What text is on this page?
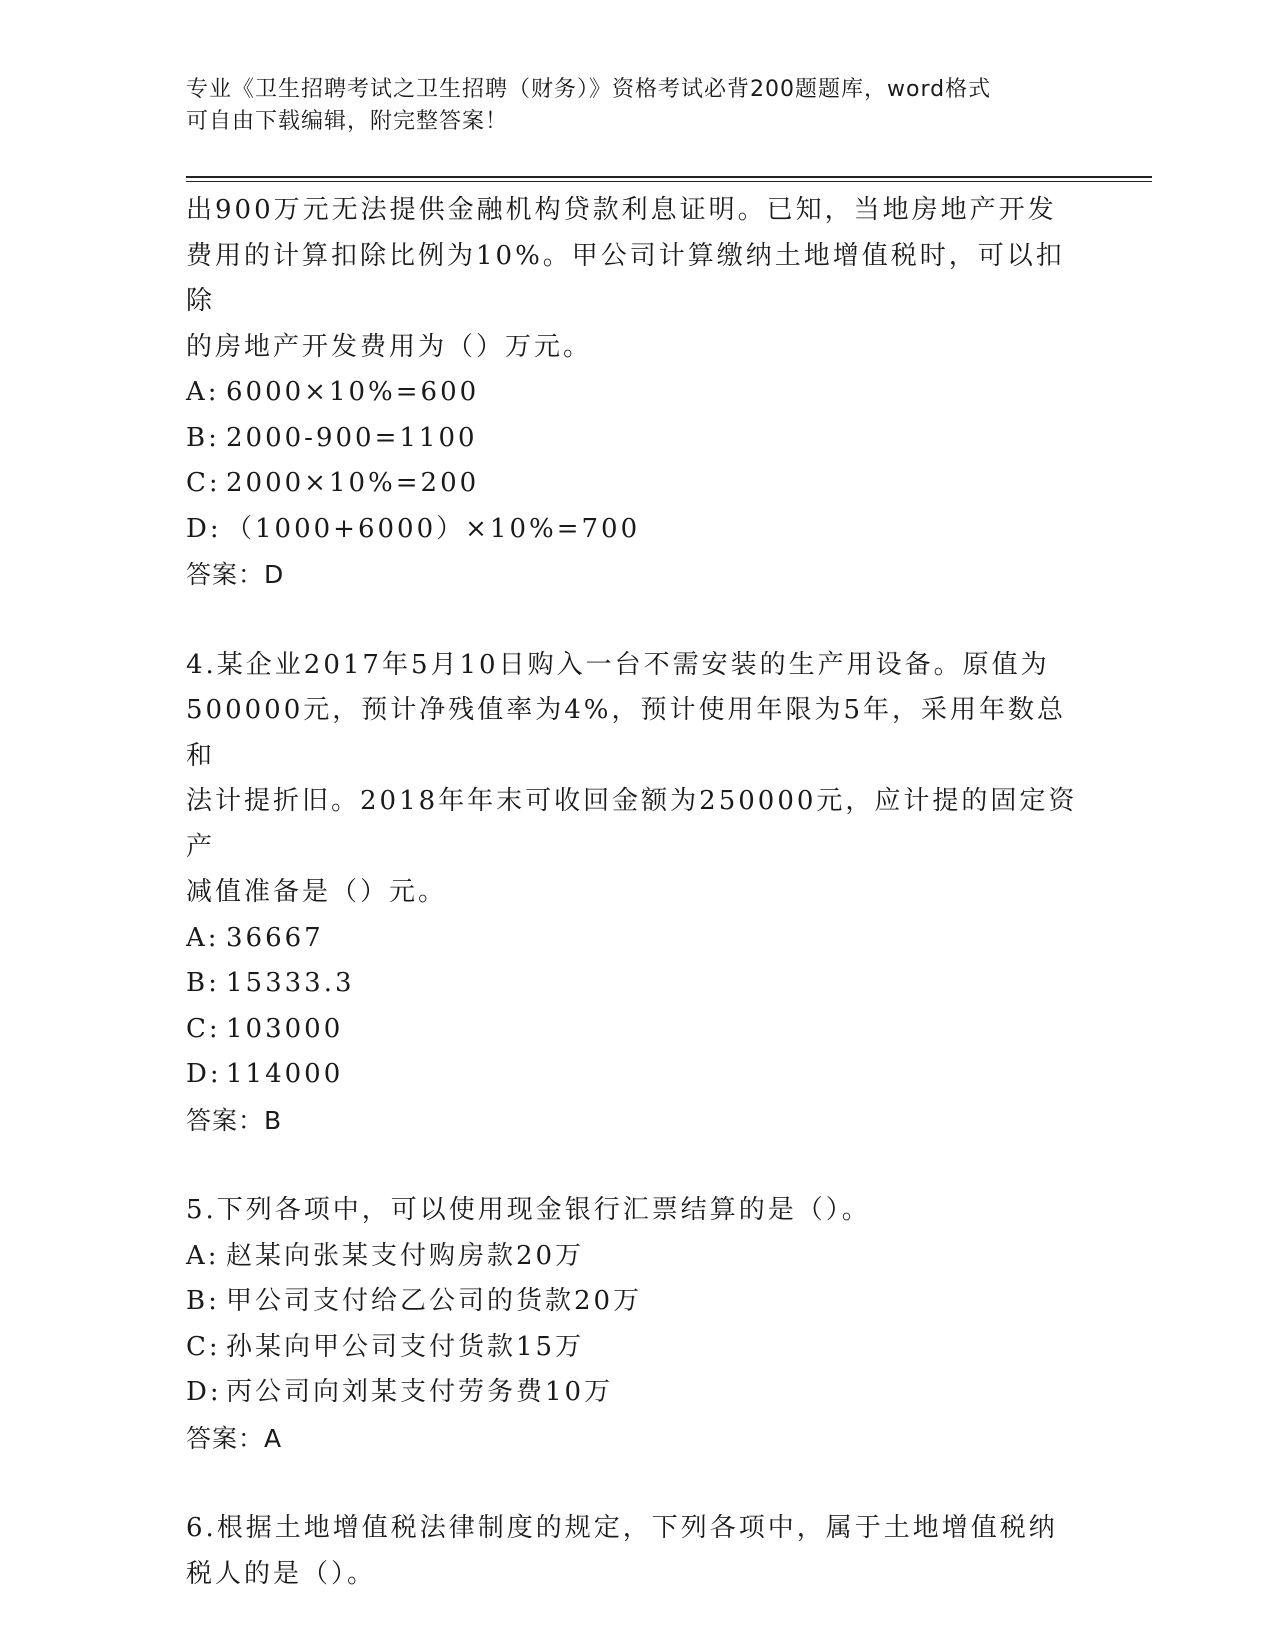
专业《卫生招聘考试之卫生招聘（财务）》资格考试必背200题题库，word格式
可自由下载编辑，附完整答案！
出900万元无法提供金融机构贷款利息证明。已知，当地房地产开发
费用的计算扣除比例为10%。甲公司计算缴纳土地增值税时，可以扣除
的房地产开发费用为（）万元。
A: 6000×10%=600
B: 2000-900=1100
C: 2000×10%=200
D: （1000+6000）×10%=700
答案：D
4.某企业2017年5月10日购入一台不需安装的生产用设备。原值为
500000元，预计净残值率为4%，预计使用年限为5年，采用年数总和
法计提折旧。2018年年末可收回金额为250000元，应计提的固定资产
减值准备是（）元。
A: 36667
B: 15333.3
C: 103000
D: 114000
答案：B
5.下列各项中，可以使用现金银行汇票结算的是（）。
A: 赵某向张某支付购房款20万
B: 甲公司支付给乙公司的货款20万
C: 孙某向甲公司支付货款15万
D: 丙公司向刘某支付劳务费10万
答案：A
6.根据土地增值税法律制度的规定，下列各项中，属于土地增值税纳
税人的是（）。
